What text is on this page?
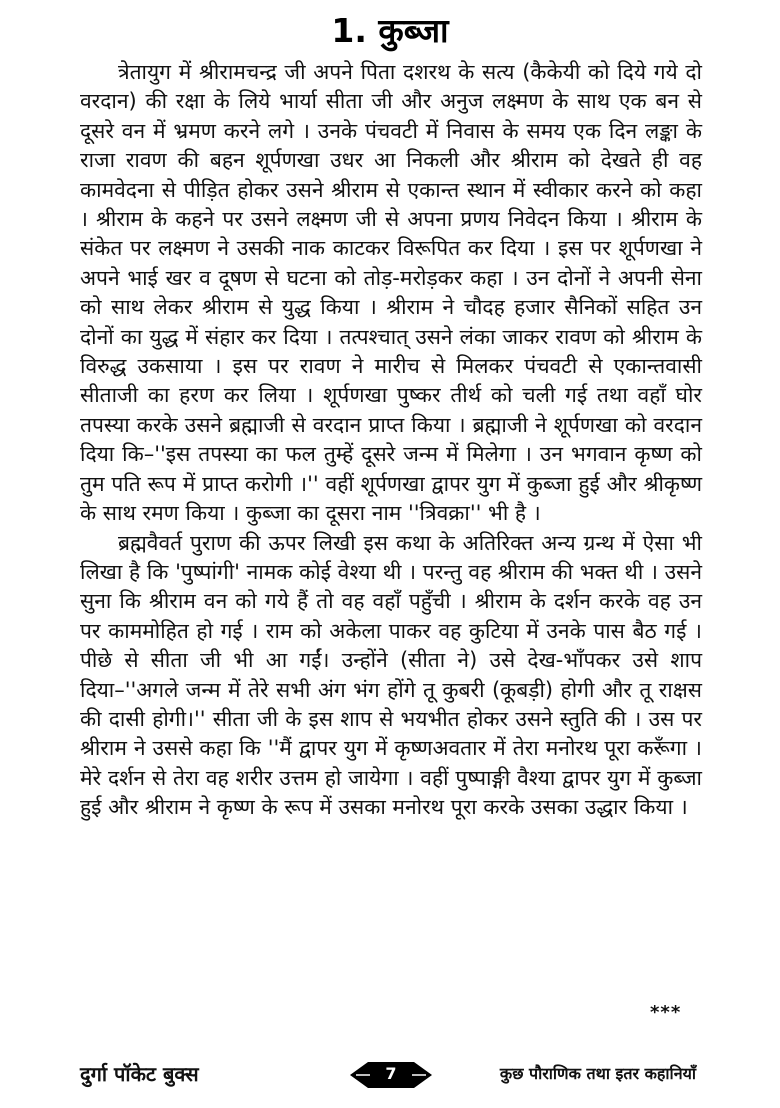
1. कुब्जा

त्रेतायुग में श्रीरामचन्द्र जी अपने पिता दशरथ के सत्य (कैकेयी को दिये गये दो वरदान) की रक्षा के लिये भार्या सीता जी और अनुज लक्ष्मण के साथ एक बन से दूसरे वन में भ्रमण करने लगे । उनके पंचवटी में निवास के समय एक दिन लङ्का के राजा रावण की बहन शूर्पणखा उधर आ निकली और श्रीराम को देखते ही वह कामवेदना से पीड़ित होकर उसने श्रीराम से एकान्त स्थान में स्वीकार करने को कहा । श्रीराम के कहने पर उसने लक्ष्मण जी से अपना प्रणय निवेदन किया । श्रीराम के संकेत पर लक्ष्मण ने उसकी नाक काटकर विरूपित कर दिया । इस पर शूर्पणखा ने अपने भाई खर व दूषण से घटना को तोड़-मरोड़कर कहा । उन दोनों ने अपनी सेना को साथ लेकर श्रीराम से युद्ध किया । श्रीराम ने चौदह हजार सैनिकों सहित उन दोनों का युद्ध में संहार कर दिया । तत्पश्चात् उसने लंका जाकर रावण को श्रीराम के विरुद्ध उकसाया । इस पर रावण ने मारीच से मिलकर पंचवटी से एकान्तवासी सीताजी का हरण कर लिया । शूर्पणखा पुष्कर तीर्थ को चली गई तथा वहाँ घोर तपस्या करके उसने ब्रह्माजी से वरदान प्राप्त किया । ब्रह्माजी ने शूर्पणखा को वरदान दिया कि–''इस तपस्या का फल तुम्हें दूसरे जन्म में मिलेगा । उन भगवान कृष्ण को तुम पति रूप में प्राप्त करोगी ।'' वहीं शूर्पणखा द्वापर युग में कुब्जा हुई और श्रीकृष्ण के साथ रमण किया । कुब्जा का दूसरा नाम ''त्रिवक्रा'' भी है ।

ब्रह्मवैवर्त पुराण की ऊपर लिखी इस कथा के अतिरिक्त अन्य ग्रन्थ में ऐसा भी लिखा है कि 'पुष्पांगी' नामक कोई वेश्या थी । परन्तु वह श्रीराम की भक्त थी । उसने सुना कि श्रीराम वन को गये हैं तो वह वहाँ पहुँची । श्रीराम के दर्शन करके वह उन पर काममोहित हो गई । राम को अकेला पाकर वह कुटिया में उनके पास बैठ गई । पीछे से सीता जी भी आ गईं। उन्होंने (सीता ने) उसे देख-भाँपकर उसे शाप दिया–''अगले जन्म में तेरे सभी अंग भंग होंगे तू कुबरी (कूबड़ी) होगी और तू राक्षस की दासी होगी।'' सीता जी के इस शाप से भयभीत होकर उसने स्तुति की । उस पर श्रीराम ने उससे कहा कि ''मैं द्वापर युग में कृष्णअवतार में तेरा मनोरथ पूरा करूँगा । मेरे दर्शन से तेरा वह शरीर उत्तम हो जायेगा । वहीं पुष्पाङ्गी वैश्या द्वापर युग में कुब्जा हुई और श्रीराम ने कृष्ण के रूप में उसका मनोरथ पूरा करके उसका उद्धार किया ।

***
दुर्गा पॉकेट बुक्स	7	कुछ पौराणिक तथा इतर कहानियाँ
